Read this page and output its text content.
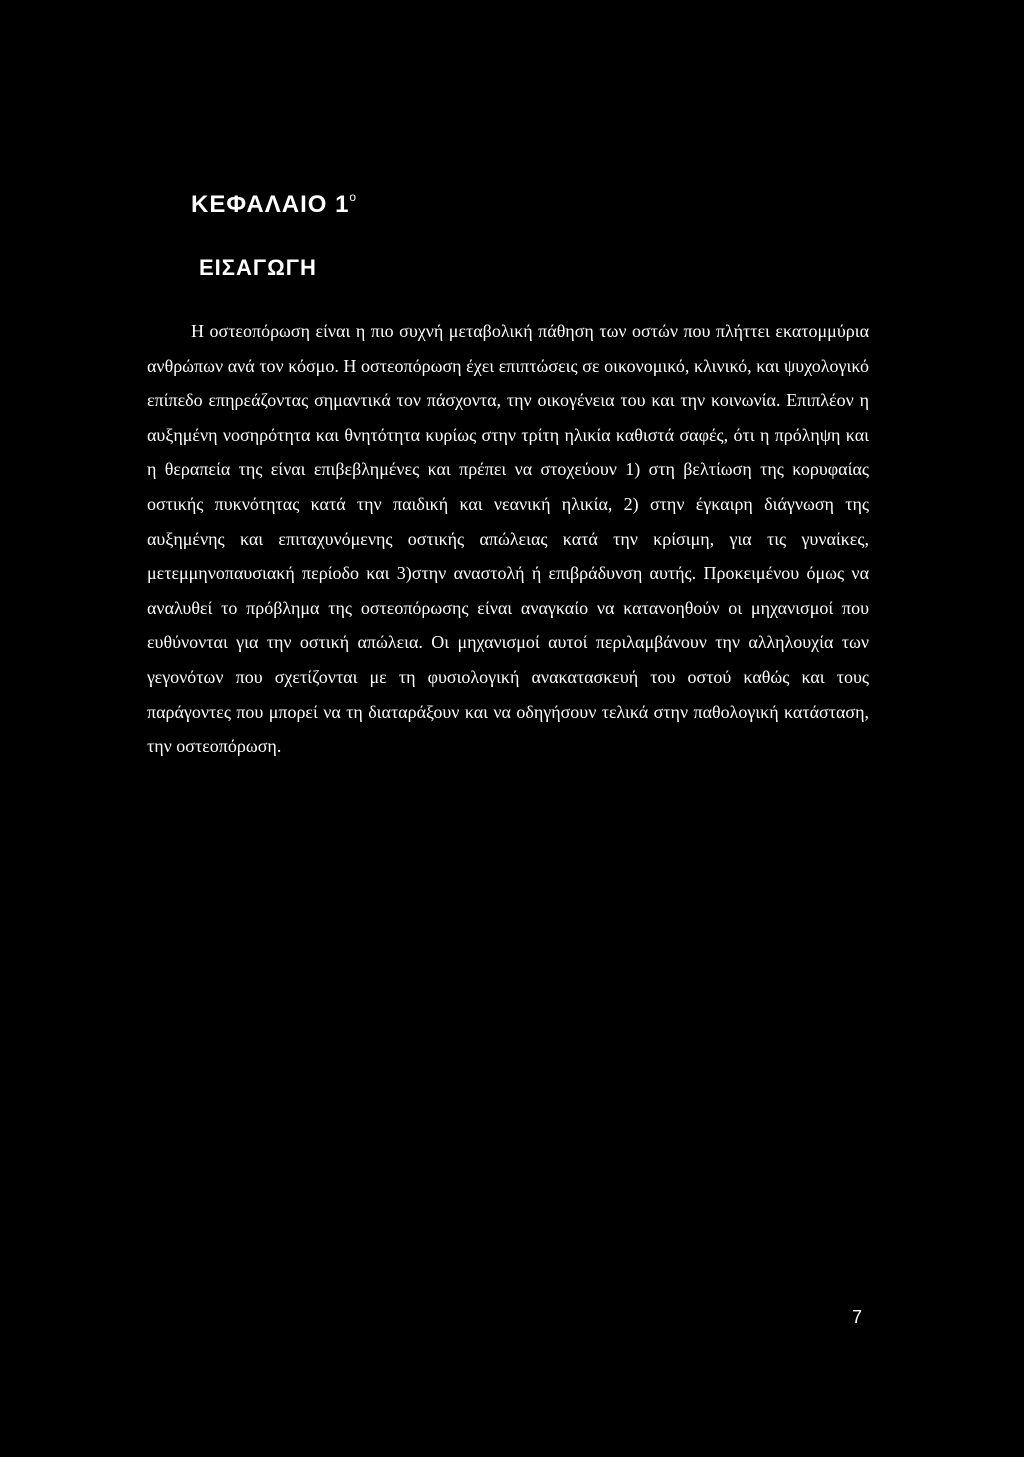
ΚΕΦΑΛΑΙΟ $1^o$
ΕΙΣΑΓΩΓΗ

Η οστεοπόρωση είναι η πιο συχνή μεταβολική πάθηση των οστών που πλήττει εκατομμύρια ανθρώπων ανά τον κόσμο. Η οστεοπόρωση έχει επιπτώσεις σε οικονομικό, κλινικό, και ψυχολογικό επίπεδο επηρεάζοντας σημαντικά τον πάσχοντα, την οικογένεια του και την κοινωνία. Επιπλέον η αυξημένη νοσηρότητα και θνητότητα κυρίως στην τρίτη ηλικία καθιστά σαφές, ότι η πρόληψη και η θεραπεία της είναι επιβεβλημένες και πρέπει να στοχεύουν 1) στη βελτίωση της κορυφαίας οστικής πυκνότητας κατά την παιδική και νεανική ηλικία, 2) στην έγκαιρη διάγνωση της αυξημένης και επιταχυνόμενης οστικής απώλειας κατά την κρίσιμη, για τις γυναίκες, μετεμμηνοπαυσιακή περίοδο και 3)στην αναστολή ή επιβράδυνση αυτής. Προκειμένου όμως να αναλυθεί το πρόβλημα της οστεοπόρωσης είναι αναγκαίο να κατανοηθούν οι μηχανισμοί που ευθύνονται για την οστική απώλεια. Οι μηχανισμοί αυτοί περιλαμβάνουν την αλληλουχία των γεγονότων που σχετίζονται με τη φυσιολογική ανακατασκευή του οστού καθώς και τους παράγοντες που μπορεί να τη διαταράξουν και να οδηγήσουν τελικά στην παθολογική κατάσταση, την οστεοπόρωση.

7
